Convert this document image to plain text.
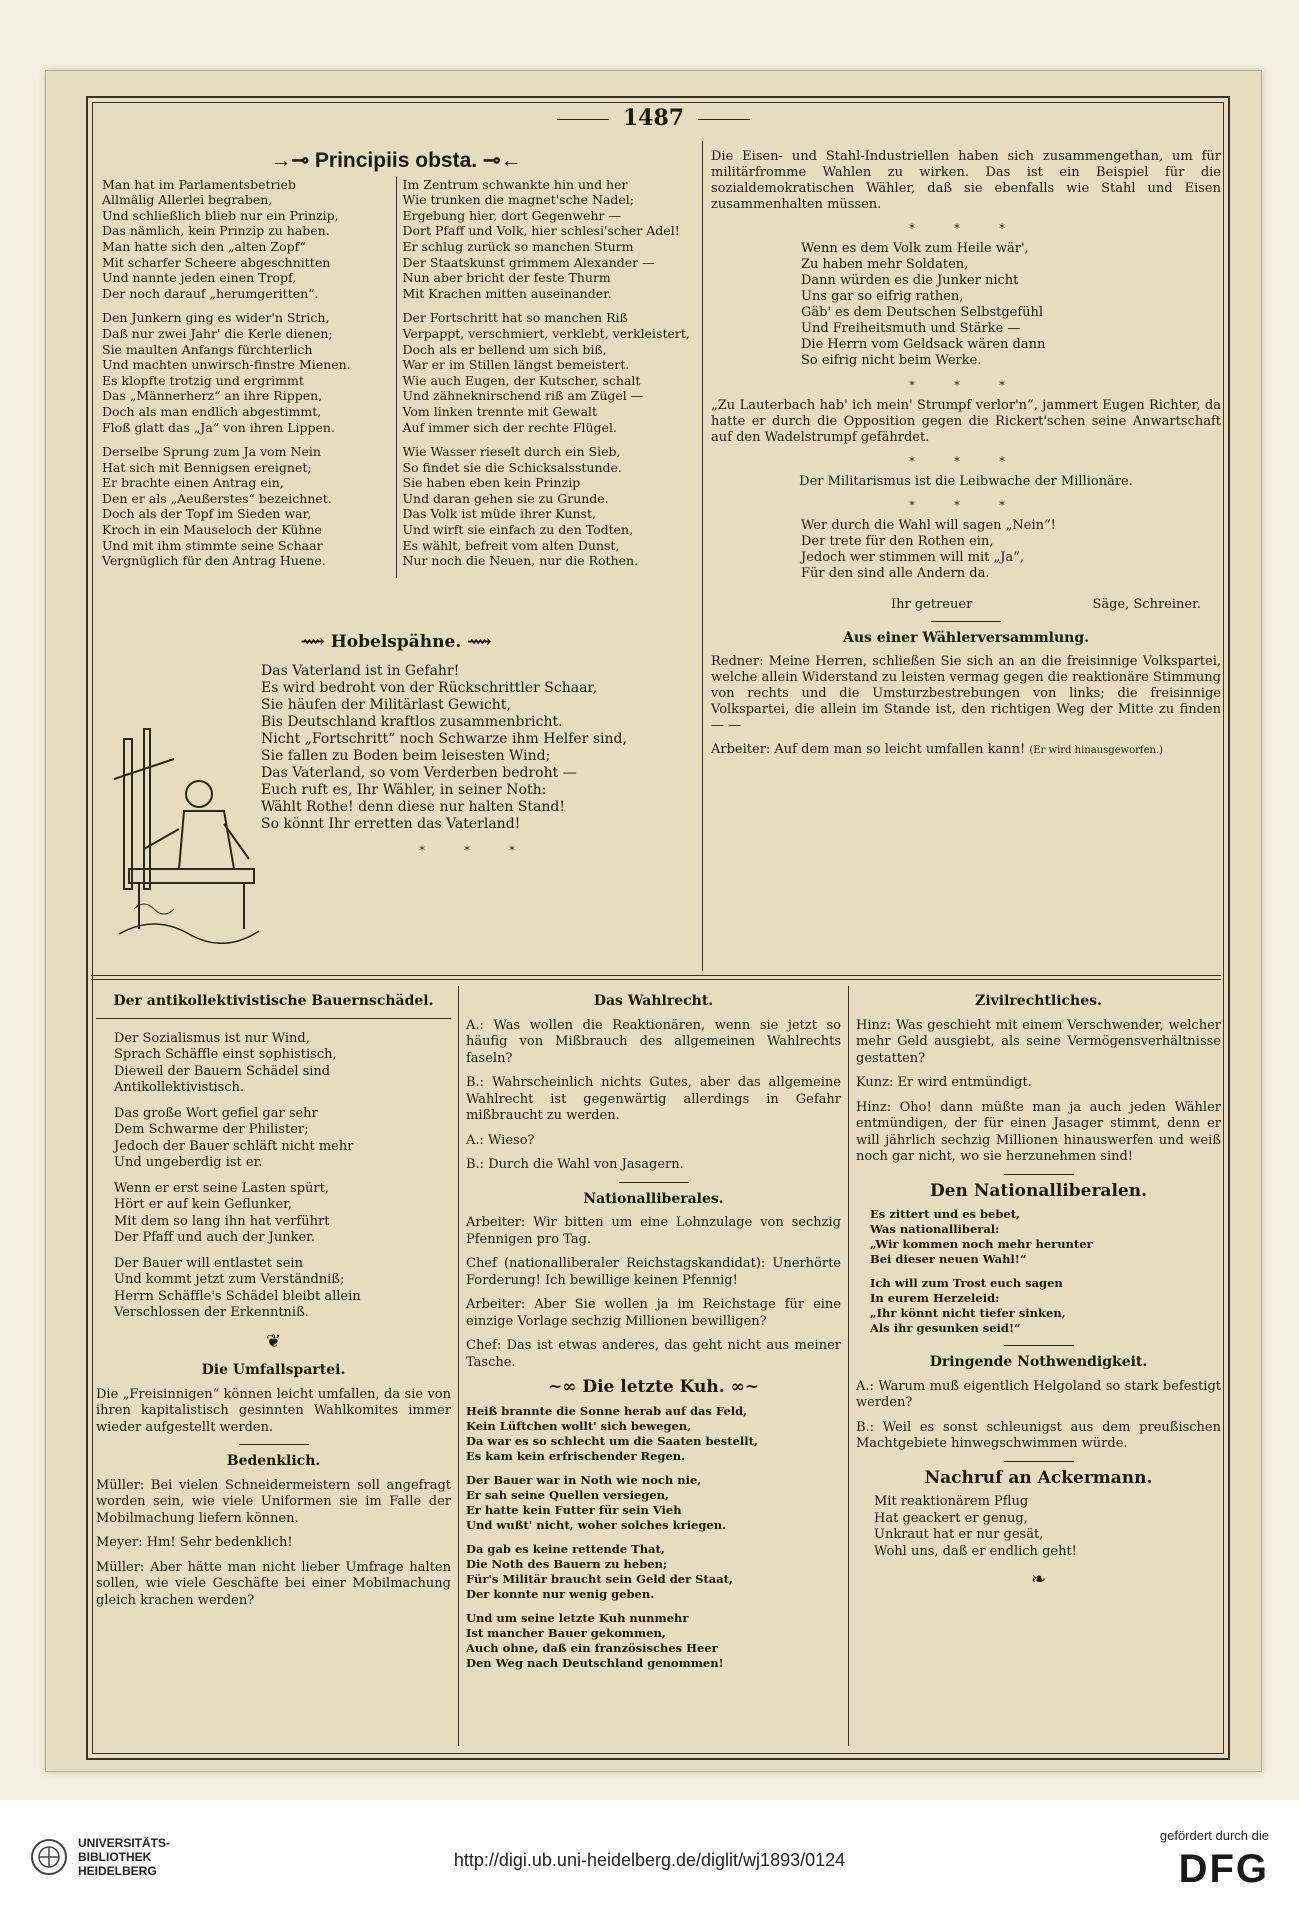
1487
→⊸ Principiis obsta. ⊸←
Man hat im Parlamentsbetrieb
Allmälig Allerlei begraben,
Und schließlich blieb nur ein Prinzip,
Das nämlich, kein Prinzip zu haben.
Man hatte sich den „alten Zopf“
Mit scharfer Scheere abgeschnitten
Und nannte jeden einen Tropf,
Der noch darauf „herumgeritten“.
Den Junkern ging es wider'n Strich,
Daß nur zwei Jahr' die Kerle dienen;
Sie maulten Anfangs fürchterlich
Und machten unwirsch-finstre Mienen.
Es klopfte trotzig und ergrimmt
Das „Männerherz“ an ihre Rippen,
Doch als man endlich abgestimmt,
Floß glatt das „Ja“ von ihren Lippen.
Derselbe Sprung zum Ja vom Nein
Hat sich mit Bennigsen ereignet;
Er brachte einen Antrag ein,
Den er als „Aeußerstes“ bezeichnet.
Doch als der Topf im Sieden war,
Kroch in ein Mauseloch der Kühne
Und mit ihm stimmte seine Schaar
Vergnüglich für den Antrag Huene.
Im Zentrum schwankte hin und her
Wie trunken die magnet'sche Nadel;
Ergebung hier, dort Gegenwehr —
Dort Pfaff und Volk, hier schlesi'scher Adel!
Er schlug zurück so manchen Sturm
Der Staatskunst grimmem Alexander —
Nun aber bricht der feste Thurm
Mit Krachen mitten auseinander.
Der Fortschritt hat so manchen Riß
Verpappt, verschmiert, verklebt, verkleistert,
Doch als er bellend um sich biß,
War er im Stillen längst bemeistert.
Wie auch Eugen, der Kutscher, schalt
Und zähneknirschend riß am Zügel —
Vom linken trennte mit Gewalt
Auf immer sich der rechte Flügel.
Wie Wasser rieselt durch ein Sieb,
So findet sie die Schicksalsstunde.
Sie haben eben kein Prinzip
Und daran gehen sie zu Grunde.
Das Volk ist müde ihrer Kunst,
Und wirft sie einfach zu den Todten,
Es wählt, befreit vom alten Dunst,
Nur noch die Neuen, nur die Rothen.
⟿ Hobelspähne. ⟿
Das Vaterland ist in Gefahr!
Es wird bedroht von der Rückschrittler Schaar,
Sie häufen der Militärlast Gewicht,
Bis Deutschland kraftlos zusammenbricht.
Nicht „Fortschritt“ noch Schwarze ihm Helfer sind,
Sie fallen zu Boden beim leisesten Wind;
Das Vaterland, so vom Verderben bedroht —
Euch ruft es, Ihr Wähler, in seiner Noth:
Wählt Rothe! denn diese nur halten Stand!
So könnt Ihr erretten das Vaterland!
* * *
Die Eisen- und Stahl-Industriellen haben sich zusammengethan, um für militärfromme Wahlen zu wirken. Das ist ein Beispiel für die sozialdemokratischen Wähler, daß sie ebenfalls wie Stahl und Eisen zusammenhalten müssen.
* * *
Wenn es dem Volk zum Heile wär',
Zu haben mehr Soldaten,
Dann würden es die Junker nicht
Uns gar so eifrig rathen,
Gäb' es dem Deutschen Selbstgefühl
Und Freiheitsmuth und Stärke —
Die Herrn vom Geldsack wären dann
So eifrig nicht beim Werke.
* * *
„Zu Lauterbach hab' ich mein' Strumpf verlor'n“, jammert Eugen Richter, da hatte er durch die Opposition gegen die Rickert'schen seine Anwartschaft auf den Wadelstrumpf gefährdet.
* * *
Der Militarismus ist die Leibwache der Millionäre.
* * *
Wer durch die Wahl will sagen „Nein“!
Der trete für den Rothen ein,
Jedoch wer stimmen will mit „Ja“,
Für den sind alle Andern da.
Ihr getreuer	Säge, Schreiner.
Aus einer Wählerversammlung.
Redner: Meine Herren, schließen Sie sich an an die freisinnige Volkspartei, welche allein Widerstand zu leisten vermag gegen die reaktionäre Stimmung von rechts und die Umsturzbestrebungen von links; die freisinnige Volkspartei, die allein im Stande ist, den richtigen Weg der Mitte zu finden — —
Arbeiter: Auf dem man so leicht umfallen kann! (Er wird hinausgeworfen.)
Der antikollektivistische Bauernschädel.
Der Sozialismus ist nur Wind,
Sprach Schäffle einst sophistisch,
Dieweil der Bauern Schädel sind
Antikollektivistisch.
Das große Wort gefiel gar sehr
Dem Schwarme der Philister;
Jedoch der Bauer schläft nicht mehr
Und ungeberdig ist er.
Wenn er erst seine Lasten spürt,
Hört er auf kein Geflunker,
Mit dem so lang ihn hat verführt
Der Pfaff und auch der Junker.
Der Bauer will entlastet sein
Und kommt jetzt zum Verständniß;
Herrn Schäffle's Schädel bleibt allein
Verschlossen der Erkenntniß.
❦
Die Umfallspartei.
Die „Freisinnigen“ können leicht umfallen, da sie von ihren kapitalistisch gesinnten Wahlkomites immer wieder aufgestellt werden.
Bedenklich.
Müller: Bei vielen Schneidermeistern soll angefragt worden sein, wie viele Uniformen sie im Falle der Mobilmachung liefern können.
Meyer: Hm! Sehr bedenklich!
Müller: Aber hätte man nicht lieber Umfrage halten sollen, wie viele Geschäfte bei einer Mobilmachung gleich krachen werden?
Das Wahlrecht.
A.: Was wollen die Reaktionären, wenn sie jetzt so häufig von Mißbrauch des allgemeinen Wahlrechts faseln?
B.: Wahrscheinlich nichts Gutes, aber das allgemeine Wahlrecht ist gegenwärtig allerdings in Gefahr mißbraucht zu werden.
A.: Wieso?
B.: Durch die Wahl von Jasagern.
Nationalliberales.
Arbeiter: Wir bitten um eine Lohnzulage von sechzig Pfennigen pro Tag.
Chef (nationalliberaler Reichstagskandidat): Unerhörte Forderung! Ich bewillige keinen Pfennig!
Arbeiter: Aber Sie wollen ja im Reichstage für eine einzige Vorlage sechzig Millionen bewilligen?
Chef: Das ist etwas anderes, das geht nicht aus meiner Tasche.
~∞ Die letzte Kuh. ∞~
Heiß brannte die Sonne herab auf das Feld,
Kein Lüftchen wollt' sich bewegen,
Da war es so schlecht um die Saaten bestellt,
Es kam kein erfrischender Regen.
Der Bauer war in Noth wie noch nie,
Er sah seine Quellen versiegen,
Er hatte kein Futter für sein Vieh
Und wußt' nicht, woher solches kriegen.
Da gab es keine rettende That,
Die Noth des Bauern zu heben;
Für's Militär braucht sein Geld der Staat,
Der konnte nur wenig geben.
Und um seine letzte Kuh nunmehr
Ist mancher Bauer gekommen,
Auch ohne, daß ein französisches Heer
Den Weg nach Deutschland genommen!
Zivilrechtliches.
Hinz: Was geschieht mit einem Verschwender, welcher mehr Geld ausgiebt, als seine Vermögensverhältnisse gestatten?
Kunz: Er wird entmündigt.
Hinz: Oho! dann müßte man ja auch jeden Wähler entmündigen, der für einen Jasager stimmt, denn er will jährlich sechzig Millionen hinauswerfen und weiß noch gar nicht, wo sie herzunehmen sind!
Den Nationalliberalen.
Es zittert und es bebet,
Was nationalliberal:
„Wir kommen noch mehr herunter
Bei dieser neuen Wahl!“
Ich will zum Trost euch sagen
In eurem Herzeleid:
„Ihr könnt nicht tiefer sinken,
Als ihr gesunken seid!“
Dringende Nothwendigkeit.
A.: Warum muß eigentlich Helgoland so stark befestigt werden?
B.: Weil es sonst schleunigst aus dem preußischen Machtgebiete hinwegschwimmen würde.
Nachruf an Ackermann.
Mit reaktionärem Pflug
Hat geackert er genug,
Unkraut hat er nur gesät,
Wohl uns, daß er endlich geht!
❧
UNIVERSITÄTS-
BIBLIOTHEK
HEIDELBERG
http://digi.ub.uni-heidelberg.de/diglit/wj1893/0124
gefördert durch die
DFG
